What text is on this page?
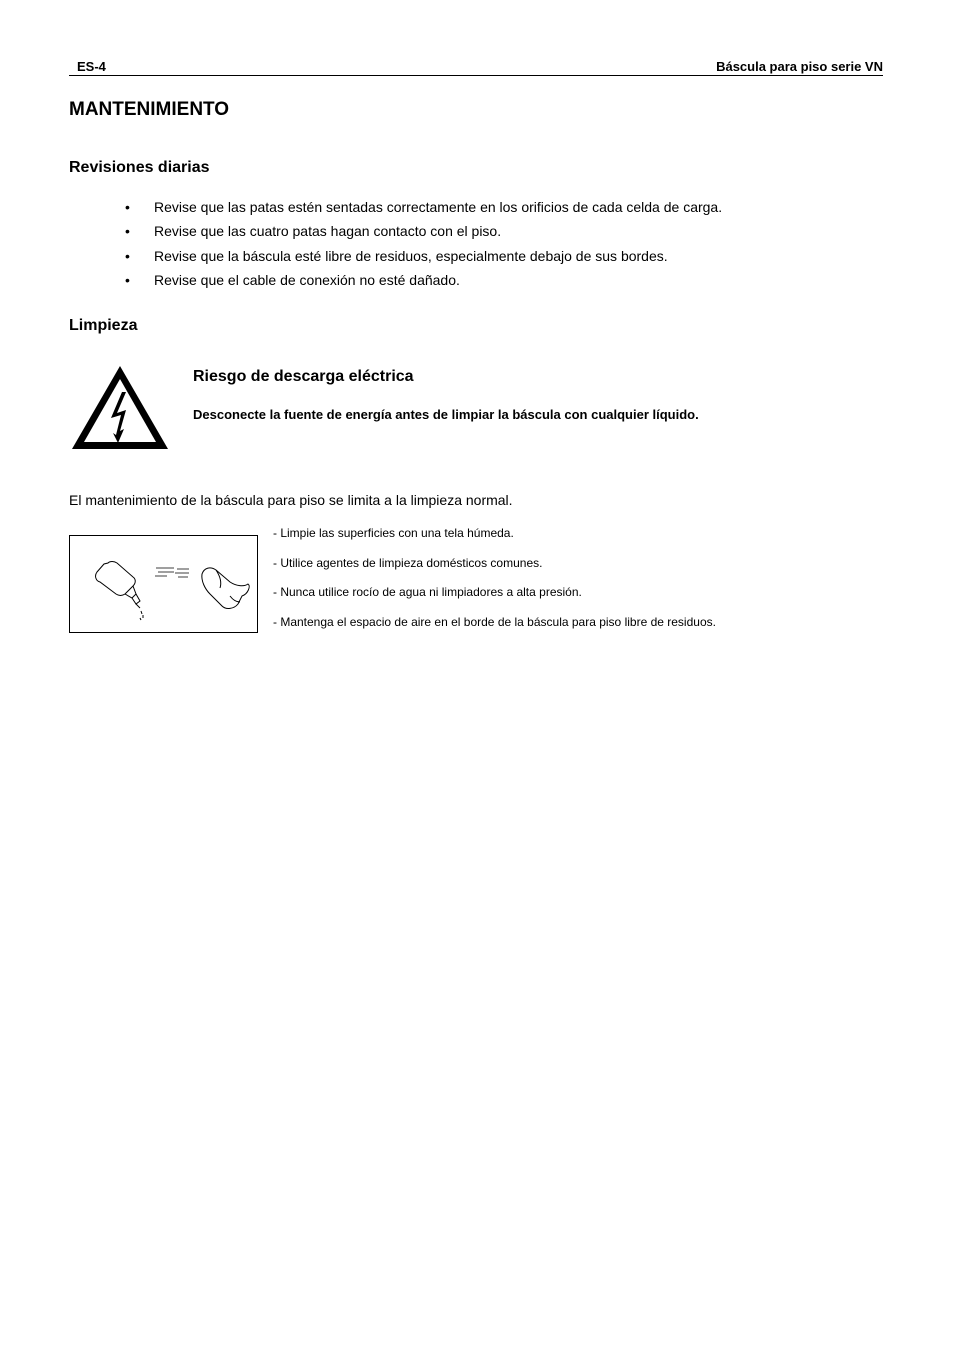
ES-4	Báscula para piso serie VN
MANTENIMIENTO
Revisiones diarias
• Revise que las patas estén sentadas correctamente en los orificios de cada celda de carga.
• Revise que las cuatro patas hagan contacto con el piso.
• Revise que la báscula esté libre de residuos, especialmente debajo de sus bordes.
• Revise que el cable de conexión no esté dañado.
Limpieza
Riesgo de descarga eléctrica
Desconecte la fuente de energía antes de limpiar la báscula con cualquier líquido.
El mantenimiento de la báscula para piso se limita a la limpieza normal.
- Limpie las superficies con una tela húmeda.
- Utilice agentes de limpieza domésticos comunes.
- Nunca utilice rocío de agua ni limpiadores a alta presión.
- Mantenga el espacio de aire en el borde de la báscula para piso libre de residuos.
